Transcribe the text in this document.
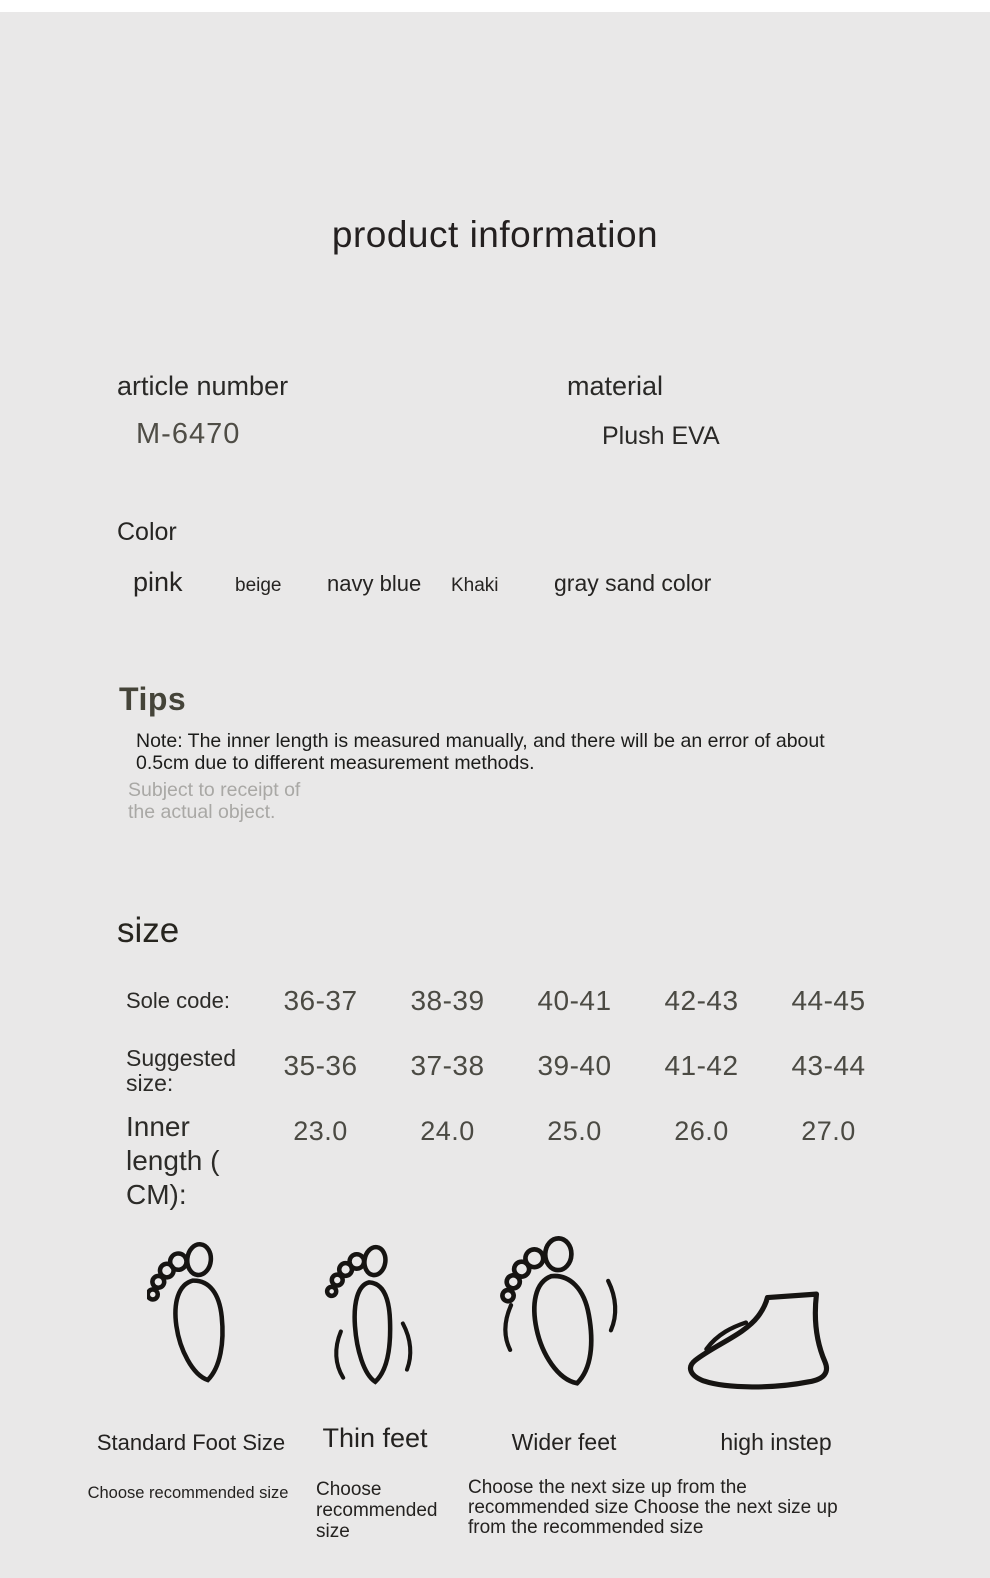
product information
article number
M-6470
material
Plush EVA
Color
pink	beige navy blue Khaki gray sand color
Tips
Note: The inner length is measured manually, and there will be an error of about 0.5cm due to different measurement methods.
Subject to receipt of the actual object.
size
Sole code:	36-37	38-39	40-41	42-43	44-45
Suggested size:
35-36	37-38	39-40	41-42	43-44
Inner length ( CM):
23.0	24.0	25.0	26.0	27.0
Standard Foot Size Thin feet	Wider feet	high instep
Choose recommended size Choose recommended size
Choose the next size up from the recommended size Choose the next size up from the recommended size
